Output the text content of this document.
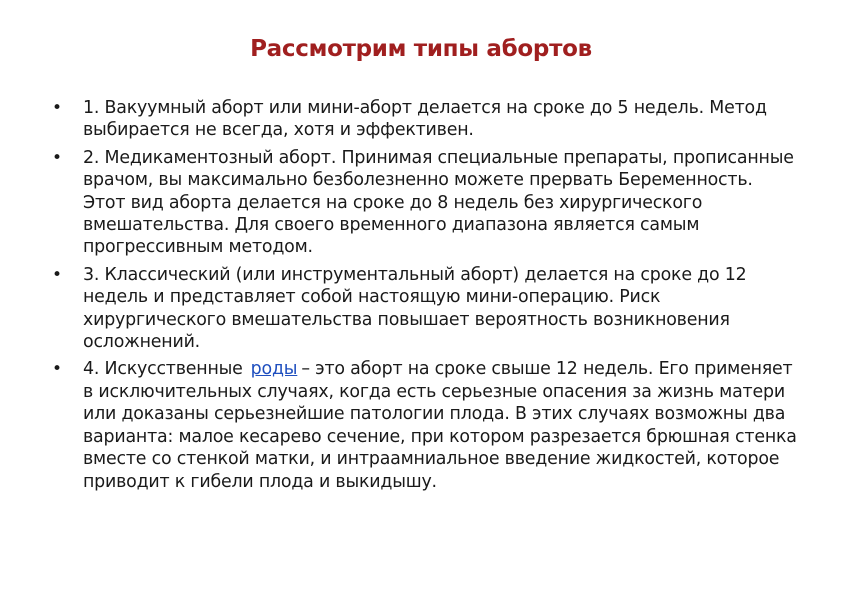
Рассмотрим типы абортов
• 1. Вакуумный аборт или мини-аборт делается на сроке до 5 недель. Метод выбирается не всегда, хотя и эффективен.
• 2. Медикаментозный аборт. Принимая специальные препараты, прописанные врачом, вы максимально безболезненно можете прервать Беременность. Этот вид аборта делается на сроке до 8 недель без хирургического вмешательства. Для своего временного диапазона является самым прогрессивным методом.
• 3. Классический (или инструментальный аборт) делается на сроке до 12 недель и представляет собой настоящую мини-операцию. Риск хирургического вмешательства повышает вероятность возникновения осложнений.
• 4. Искусственные роды – это аборт на сроке свыше 12 недель. Его применяет в исключительных случаях, когда есть серьезные опасения за жизнь матери или доказаны серьезнейшие патологии плода. В этих случаях возможны два варианта: малое кесарево сечение, при котором разрезается брюшная стенка вместе со стенкой матки, и интраамниальное введение жидкостей, которое приводит к гибели плода и выкидышу.
